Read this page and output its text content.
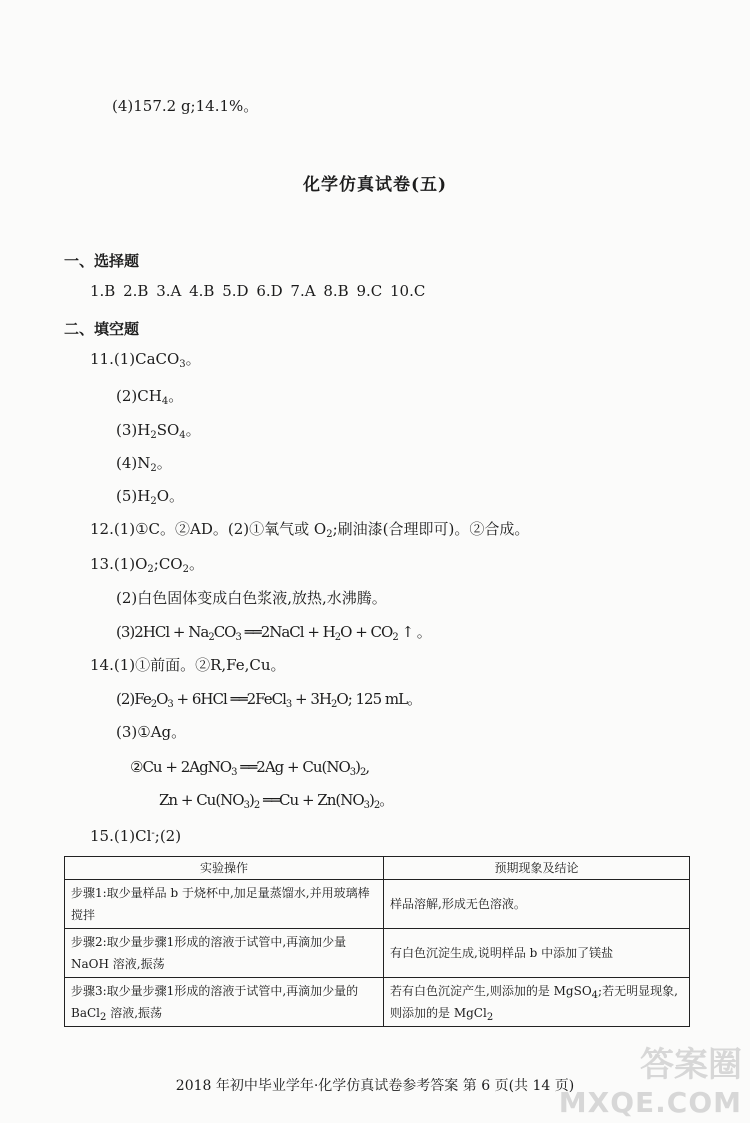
(4)157.2 g;14.1%。
化学仿真试卷(五)
一、选择题
1.B 2.B 3.A 4.B 5.D 6.D 7.A 8.B 9.C 10.C
二、填空题
11.(1)CaCO$_3$。
$(2)CH_4$。
$(3)H_2SO_4$。
$(4)N_2$。
$(5)H_2O$。
12.(1)①C。②AD。(2)①氧气或 $O_2$;刷油漆(合理即可)。②合成。
$13.(1)O_2;CO_2$。
(2)白色固体变成白色浆液,放热,水沸腾。
$(3)2HCl + Na_2CO_3$ ══2NaCl + $H_2O + CO_2$ ↑ 。
14.(1)①前面。②R,Fe,Cu。
$(2)Fe_2O_3 + 6HCl$ ══2FeCl$_3$ + $3H_2O$; 125 mL。
(3)①Ag。
②Cu + 2AgNO$_3$ ══2Ag + $Cu(NO_3)_2$,
$Zn + Cu(NO_3)_2$ ══Cu + $Zn(NO_3)_2$。
15.(1)Cl-;(2)
实验操作	预期现象及结论
步骤1:取少量样品 b 于烧杯中,加足量蒸馏水,并用玻璃棒搅拌	样品溶解,形成无色溶液。
步骤2:取少量步骤1形成的溶液于试管中,再滴加少量 NaOH 溶液,振荡	有白色沉淀生成,说明样品 b 中添加了镁盐
步骤3:取少量步骤1形成的溶液于试管中,再滴加少量的 BaCl$_2$ 溶液,振荡	若有白色沉淀产生,则添加的是 MgSO$_4$;若无明显现象,则添加的是 MgCl$_2$
2018 年初中毕业学年·化学仿真试卷参考答案 第 6 页(共 14 页)
答案圈
MXQE.COM
